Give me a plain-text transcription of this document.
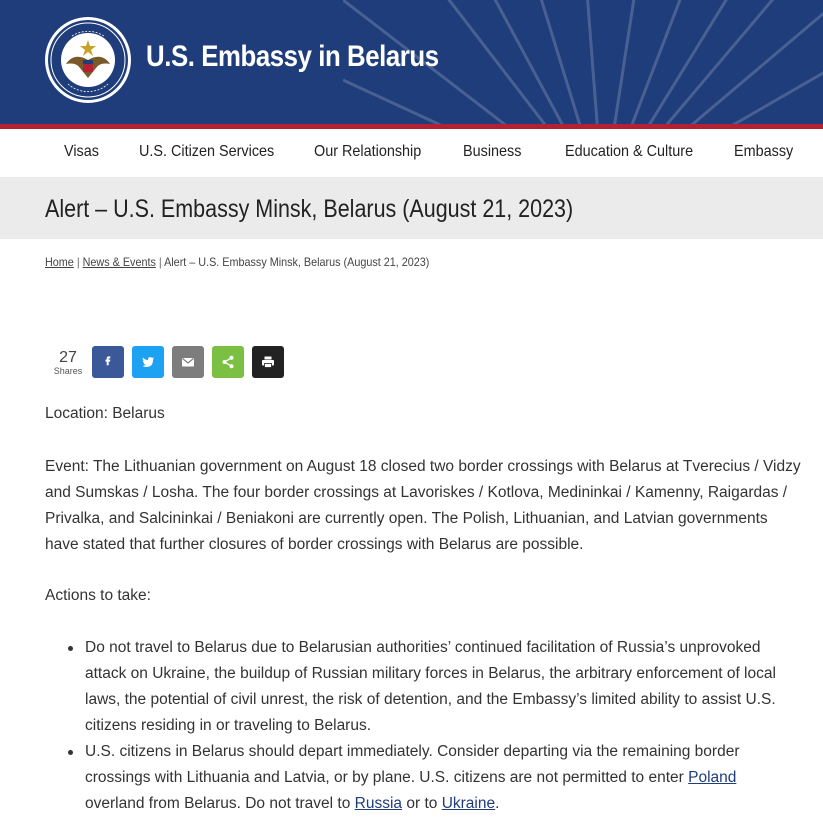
U.S. Embassy in Belarus
Visas	U.S. Citizen Services Our Relationship	Business	Education & Culture	Embassy
Alert – U.S. Embassy Minsk, Belarus (August 21, 2023)
Home | News & Events | Alert – U.S. Embassy Minsk, Belarus (August 21, 2023)
27
Shares

Location: Belarus

Event: The Lithuanian government on August 18 closed two border crossings with Belarus at Tverecius / Vidzy and Sumskas / Losha. The four border crossings at Lavoriskes / Kotlova, Medininkai / Kamenny, Raigardas / Privalka, and Salcininkai / Beniakoni are currently open. The Polish, Lithuanian, and Latvian governments have stated that further closures of border crossings with Belarus are possible.

Actions to take:

Do not travel to Belarus due to Belarusian authorities’ continued facilitation of Russia’s unprovoked attack on Ukraine, the buildup of Russian military forces in Belarus, the arbitrary enforcement of local laws, the potential of civil unrest, the risk of detention, and the Embassy’s limited ability to assist U.S. citizens residing in or traveling to Belarus.
U.S. citizens in Belarus should depart immediately. Consider departing via the remaining border crossings with Lithuania and Latvia, or by plane. U.S. citizens are not permitted to enter Poland overland from Belarus. Do not travel to Russia or to Ukraine.
